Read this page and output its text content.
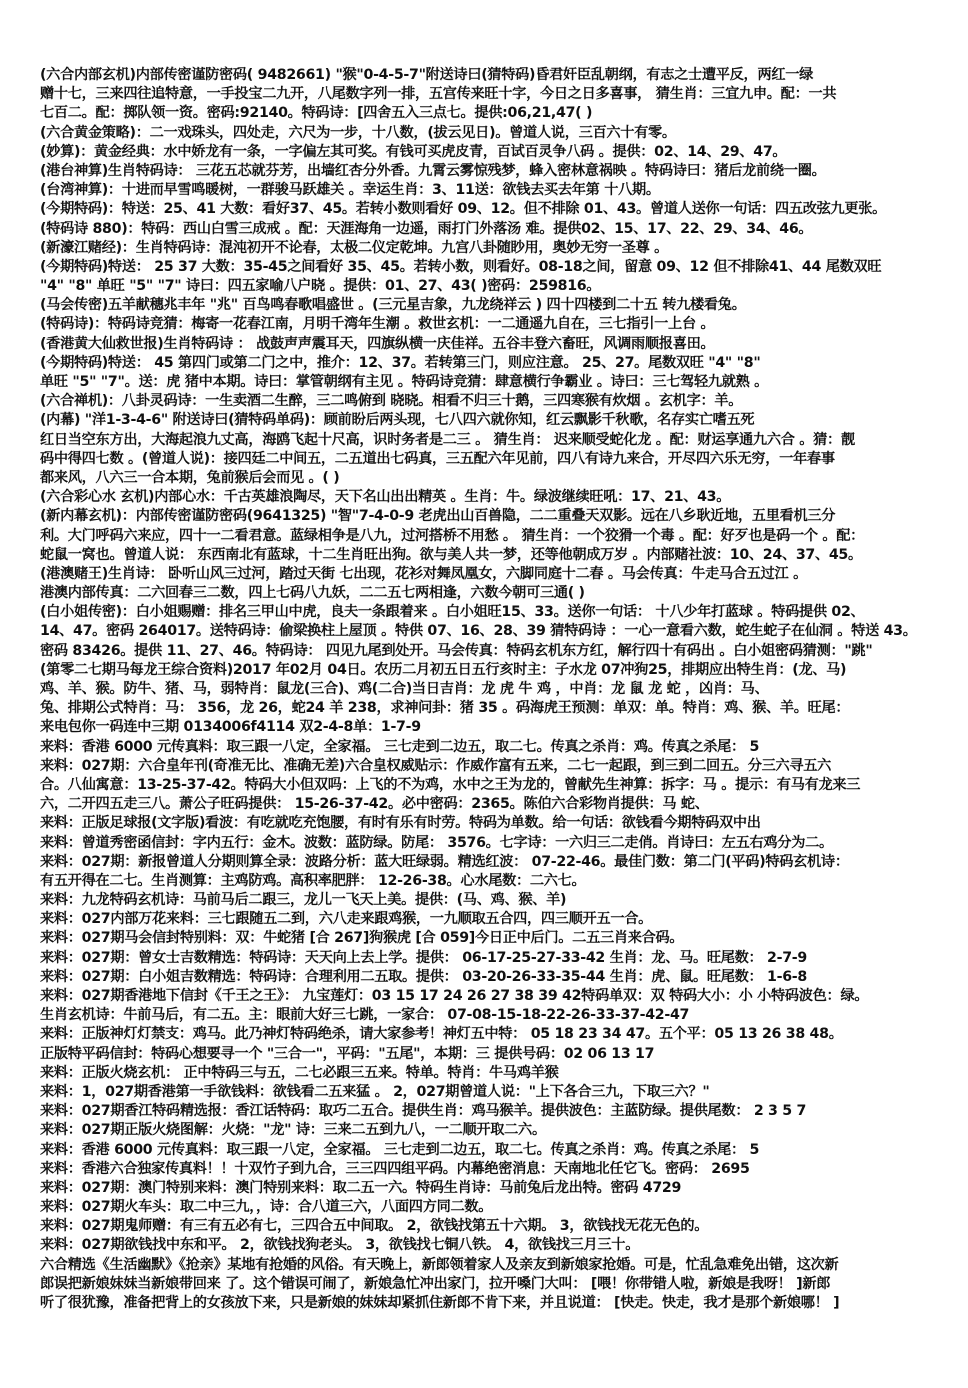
(六合内部玄机)内部传密谨防密码( 9482661) "猴"0-4-5-7"附送诗曰(猜特码)昏君奸臣乱朝纲，有志之士遭平反，两红一绿
赠十七，三来四往追特意，一手投宝二九开，八尾数字列一排，五宫传来旺十字，今日之日多喜事， 猜生肖：三宜九申。配：一共
七百二。配：掷队领一资。密码:92140。特码诗：[四舍五入三点七。提供:06,21,47( )
(六合黄金策略)：二一戏珠头，四处走，六尺为一步，十八数，(拔云见日)。曾道人说，三百六十有零。
(妙算)：黄金经典：水中娇龙有一条，一字偏左其可奖。有钱可买虎皮青，百试百灵争八码 。提供：02、14、29、47。
(港台神算)生肖特码诗： 三花五芯就芬芳，出墙红杏分外香。九霄云雾惊残梦，蜂入密林意祸映 。特码诗曰：猪后龙前绕一圈。
(台湾神算)：十进而早雪鸣暖树，一群骏马跃雄关 。幸运生肖：3、11送：欲钱去买去年第 十八期。
(今期特码)：特送：25、41 大数：看好37、45。若转小数则看好 09、12。但不排除 01、43。曾道人送你一句话：四五改弦九更张。
(特码诗 880)：特码：西山白雪三成戒 。配：天涯海角一边遥，雨打门外落汤 难。提供02、15、17、22、29、34、46。
(新濠江赌经)：生肖特码诗：混沌初开不论春，太极二仪定乾坤。九宫八卦随眇用，奥妙无穷一圣尊 。
(今期特码)特送： 25 37 大数：35-45之间看好 35、45。若转小数，则看好。08-18之间，留意 09、12 但不排除41、44 尾数双旺
"4" "8" 单旺 "5" "7" 诗曰：四五家喻八户晓 。提供：01、27、43( )密码：259816。
(马会传密)五羊献穗兆丰年 "兆" 百鸟鸣春歌唱盛世 。(三元星吉象，九龙绕祥云 ) 四十四楼到二十五 转九楼看兔。
(特码诗)：特码诗竞猜：梅寄一花春江南，月明千湾年生潮 。救世玄机：一二通遥九自在，三七指引一上台 。
(香港黄大仙救世报)生肖特码诗 ： 战鼓声声震耳天，四旗纵横一庆佳祥。五谷丰登六畜旺，风调雨顺报喜田。
(今期特码)特送： 45 第四门或第二门之中，推介：12、37。若转第三门，则应注意。 25、27。尾数双旺 "4" "8"
单旺 "5" "7"。送：虎 猪中本期。诗曰：掌管朝纲有主见 。特码诗竞猜：肆意横行争霸业 。诗曰：三七驾轻九就熟 。
(六合禅机)：八卦灵码诗：一生卖酒二生醉，三二鸣俯到 晓晓。相看不归三十鹅，三四寒猴有炊烟 。玄机字：羊。
(内幕) "洋1-3-4-6" 附送诗曰(猜特码单码)：顾前盼后两头现，七八四六就你知，红云飘影千秋歌，名存实亡嗜五死
红日当空东方出，大海起浪九丈高，海鸥飞起十尺高，识时务者是二三 。 猜生肖： 迟来顺受蛇化龙 。配：财运享通九六合 。猜：靓
码中得四七数 。(曾道人说)：接四廷二中间五，二五道出七码真，三五配六年见前，四八有诗九来合，开尽四六乐无穷，一年春事
都来风，八六三一合本期，兔前猴后会而见 。( )
(六合彩心水 玄机)内部心水：千古英雄浪陶尽，天下名山出出精英 。生肖：牛。绿波继续旺吼：17、21、43。
(新内幕玄机)：内部传密谨防密码(9641325) "智"7-4-0-9 老虎出山百兽隐，二二重叠天双影。远在八乡耿近地，五里看机三分
利。大门呼码六来应，四十一二看君意。蓝绿相争是八九，过河搭桥不用愁 。 猜生肖：一个狡猾一个毒 。配：好歹也是码一个 。配：
蛇鼠一窝也。曾道人说： 东西南北有蓝球，十二生肖旺出狗。欲与美人共一梦，还等他朝成万岁 。内部赌社波：10、24、37、45。
(港澳赌王)生肖诗： 卧听山风三过河，踏过天街 七出现，花衫对舞凤凰女，六脚同庭十二春 。马会传真：牛走马合五过江 。
港澳内部传真：二六回春三二数，四上七码八九妖，二二五七两相逢，六数今朝可三通( )
(白小姐传密)：白小姐赐赠：排名三甲山中虎，良夫一条跟着来 。白小姐旺15、33。送你一句话： 十八少年打蓝球 。特码提供 02、
14、47。密码 264017。送特码诗：偷梁换柱上屋顶 。特供 07、16、28、39 猜特码诗 ：一心一意看六数，蛇生蛇子在仙洞 。特送 43。
密码 83426。提供 11、27、46。特码诗： 四见九尾到处开。马会传真：特码玄机东方红，解行四十有码出 。白小姐密码猜测："跳"
(第零二七期马每龙王综合资料)2017 年02月 04日。农历二月初五日五行亥时主：子水龙 07冲狗25，排期应出特生肖：(龙、马)
鸡、羊、猴。防牛、猪、马，弱特肖：鼠龙(三合)、鸡(二合)当日吉肖：龙 虎 牛 鸡 ，中肖：龙 鼠 龙 蛇 ，凶肖：马、
兔、排期公式特肖：马： 356，龙 26，蛇24 羊 238，求神问卦：猪 35 。码海虎王预测：单双：单。特肖：鸡、猴、羊。旺尾：
来电包你一码连中三期 0134006f4114 双2-4-8单：1-7-9
来料：香港 6000 元传真料：取三跟一八定，全家福。 三七走到二边五，取二七。传真之杀肖：鸡。传真之杀尾： 5
来料：027期：六合皇年刊(奇准无比、准确无差)六合皇权威贴示：作威作富有五来，二七一起跟，到三到二回五。分三六寻五六
合。八仙寓意：13-25-37-42。特码大小但双吗：上飞的不为鸡，水中之王为龙的，曾献先生神算：拆字：马 。提示：有马有龙来三
六，二开四五走三八。萧公子旺码提供： 15-26-37-42。必中密码：2365。陈伯六合彩物肖提供：马 蛇、
来料：正版足球报(文字版)看波：有吃就吃充饱腰，有时有乐有时劳。特码为单数。给一句话：欲钱看今期特码双中出
来料：曾道秀密函信封：字内五行：金木。波数：蓝防绿。防尾： 3576。七字诗：一六归三二走俏。肖诗曰：左五右鸡分为二。
来料：027期：新报曾道人分期则算全录：波路分析：蓝大旺绿弱。精选红波： 07-22-46。最佳门数：第二门(平码)特码玄机诗：
有五开得在二七。生肖测算：主鸡防鸡。高积率肥胖： 12-26-38。心水尾数：二六七。
来料：九龙特码玄机诗：马前马后二跟三，龙儿一飞天上美。提供：(马、鸡、猴、羊)
来料：027内部万花来料：三七跟随五二到，六八走来跟鸡猴，一九顺取五合四，四三顺开五一合。
来料：027期马会信封特别料：双：牛蛇猪 [合 267]狗猴虎 [合 059]今日正中后门。二五三肖来合码。
来料：027期：曾女士吉数精选：特码诗：天天向上去上学。提供： 06-17-25-27-33-42 生肖：龙、马。旺尾数： 2-7-9
来料：027期：白小姐吉数精选：特码诗：合理利用二五取。提供： 03-20-26-33-35-44 生肖：虎、鼠。旺尾数： 1-6-8
来料：027期香港地下信封《千王之王》： 九宝莲灯：03 15 17 24 26 27 38 39 42特码单双：双 特码大小：小 小特码波色：绿。
生肖玄机诗：牛前马后，有二五。主：眼前大好三七跳，一家合： 07-08-15-18-22-26-33-37-42-47
来料：正版神灯灯禁支：鸡马。此乃神灯特码绝杀，请大家参考！神灯五中特： 05 18 23 34 47。五个平：05 13 26 38 48。
正版特平码信封：特码心想要寻一个 "三合一"，平码："五尾"，本期：三 提供号码：02 06 13 17
来料：正版火烧玄机： 正中特码三与五，二七必跟三五来。特单。特肖：牛马鸡羊猴
来料：1，027期香港第一手欲钱料：欲钱看二五来猛 。 2，027期曾道人说："上下各合三九，下取三六？"
来料：027期香江特码精选报：香江话特码：取巧二五合。提供生肖：鸡马猴羊。提供波色：主蓝防绿。提供尾数： 2 3 5 7
来料：027期正版火烧图解：火烧："龙" 诗：三来二五到九八，一二顺开取二六。
来料：香港 6000 元传真料：取三跟一八定，全家福。 三七走到二边五，取二七。传真之杀肖：鸡。传真之杀尾： 5
来料：香港六合独家传真料！！十双竹子到九合，三三四四组平码。内幕绝密消息：天南地北任它飞。密码： 2695
来料：027期：澳门特别来料：澳门特别来料：取二五一六。特码生肖诗：马前兔后龙出特。密码 4729
来料：027期火车头：取二中三九，，诗：合八道三六，八面四方同二数。
来料：027期鬼师赠：有三有五必有七，三四合五中间取。 2，欲钱找第五十六期。 3，欲钱找无花无色的。
来料：027期欲钱找中东和平。 2，欲钱找狗老头。 3，欲钱找七铜八铁。 4，欲钱找三月三十。
六合精选《生活幽默》《抢亲》某地有抢婚的风俗。有天晚上，新郎领着家人及亲友到新娘家抢婚。可是，忙乱急难免出错，这次新
郎误把新娘妹妹当新娘带回来 了。这个错误可闹了，新娘急忙冲出家门，拉开嗓门大叫： [喂！你带错人啦，新娘是我呀！ ]新郎
听了很犹豫，准备把背上的女孩放下来，只是新娘的妹妹却紧抓住新郎不肯下来，并且说道： [快走。快走，我才是那个新娘哪！ ]
